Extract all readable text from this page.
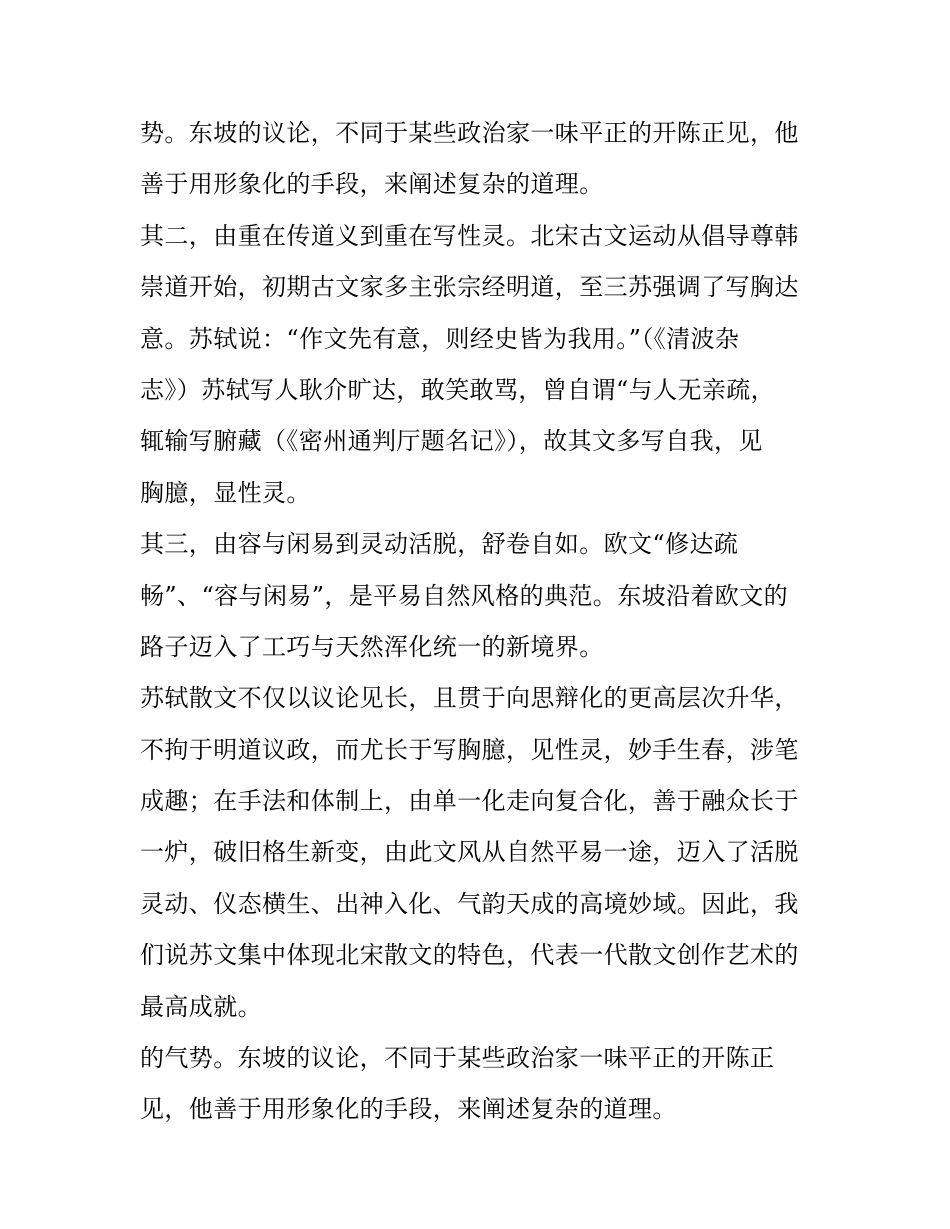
势。东坡的议论，不同于某些政治家一味平正的开陈正见，他
善于用形象化的手段，来阐述复杂的道理。
其二，由重在传道义到重在写性灵。北宋古文运动从倡导尊韩
崇道开始，初期古文家多主张宗经明道，至三苏强调了写胸达
意。苏轼说：“作文先有意，则经史皆为我用。”（《清波杂
志》）苏轼写人耿介旷达，敢笑敢骂，曾自谓“与人无亲疏，
辄输写腑藏（《密州通判厅题名记》），故其文多写自我，见
胸臆，显性灵。
其三，由容与闲易到灵动活脱，舒卷自如。欧文“修达疏
畅”、“容与闲易”，是平易自然风格的典范。东坡沿着欧文的
路子迈入了工巧与天然浑化统一的新境界。
苏轼散文不仅以议论见长，且贯于向思辩化的更高层次升华，
不拘于明道议政，而尤长于写胸臆，见性灵，妙手生春，涉笔
成趣；在手法和体制上，由单一化走向复合化，善于融众长于
一炉，破旧格生新变，由此文风从自然平易一途，迈入了活脱
灵动、仪态横生、出神入化、气韵天成的高境妙域。因此，我
们说苏文集中体现北宋散文的特色，代表一代散文创作艺术的
最高成就。
的气势。东坡的议论，不同于某些政治家一味平正的开陈正
见，他善于用形象化的手段，来阐述复杂的道理。
